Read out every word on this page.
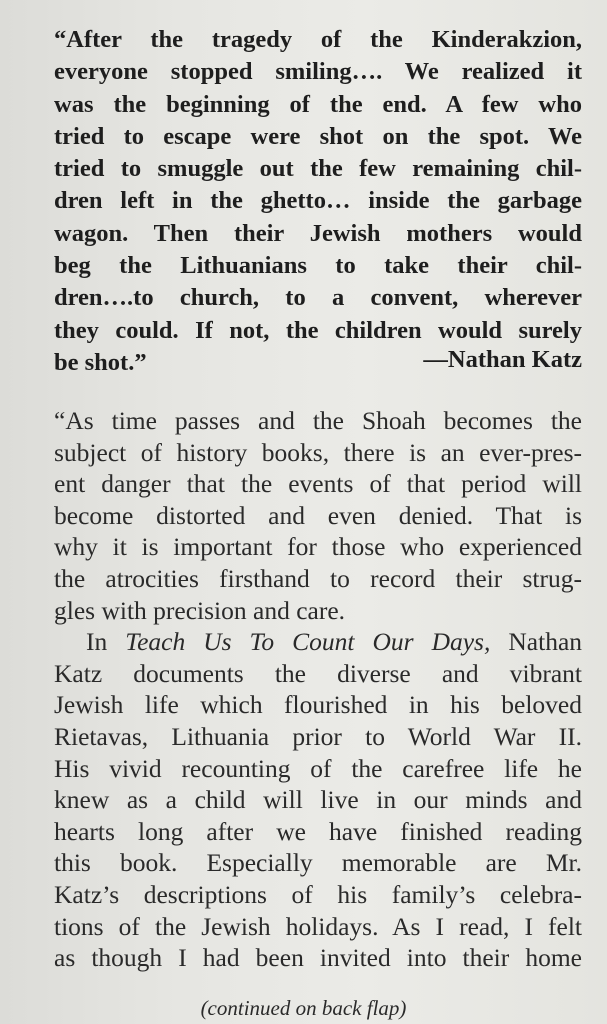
“After the tragedy of the Kinderakzion,
everyone stopped smiling…. We realized it
was the beginning of the end. A few who
tried to escape were shot on the spot. We
tried to smuggle out the few remaining chil-
dren left in the ghetto… inside the garbage
wagon. Then their Jewish mothers would
beg the Lithuanians to take their chil-
dren….to church, to a convent, wherever
they could. If not, the children would surely
be shot.”	—Nathan Katz
“As time passes and the Shoah becomes the
subject of history books, there is an ever-pres-
ent danger that the events of that period will
become distorted and even denied. That is
why it is important for those who experienced
the atrocities firsthand to record their strug-
gles with precision and care.
In Teach Us To Count Our Days, Nathan
Katz documents the diverse and vibrant
Jewish life which flourished in his beloved
Rietavas, Lithuania prior to World War II.
His vivid recounting of the carefree life he
knew as a child will live in our minds and
hearts long after we have finished reading
this book. Especially memorable are Mr.
Katz’s descriptions of his family’s celebra-
tions of the Jewish holidays. As I read, I felt
as though I had been invited into their home
(continued on back flap)
